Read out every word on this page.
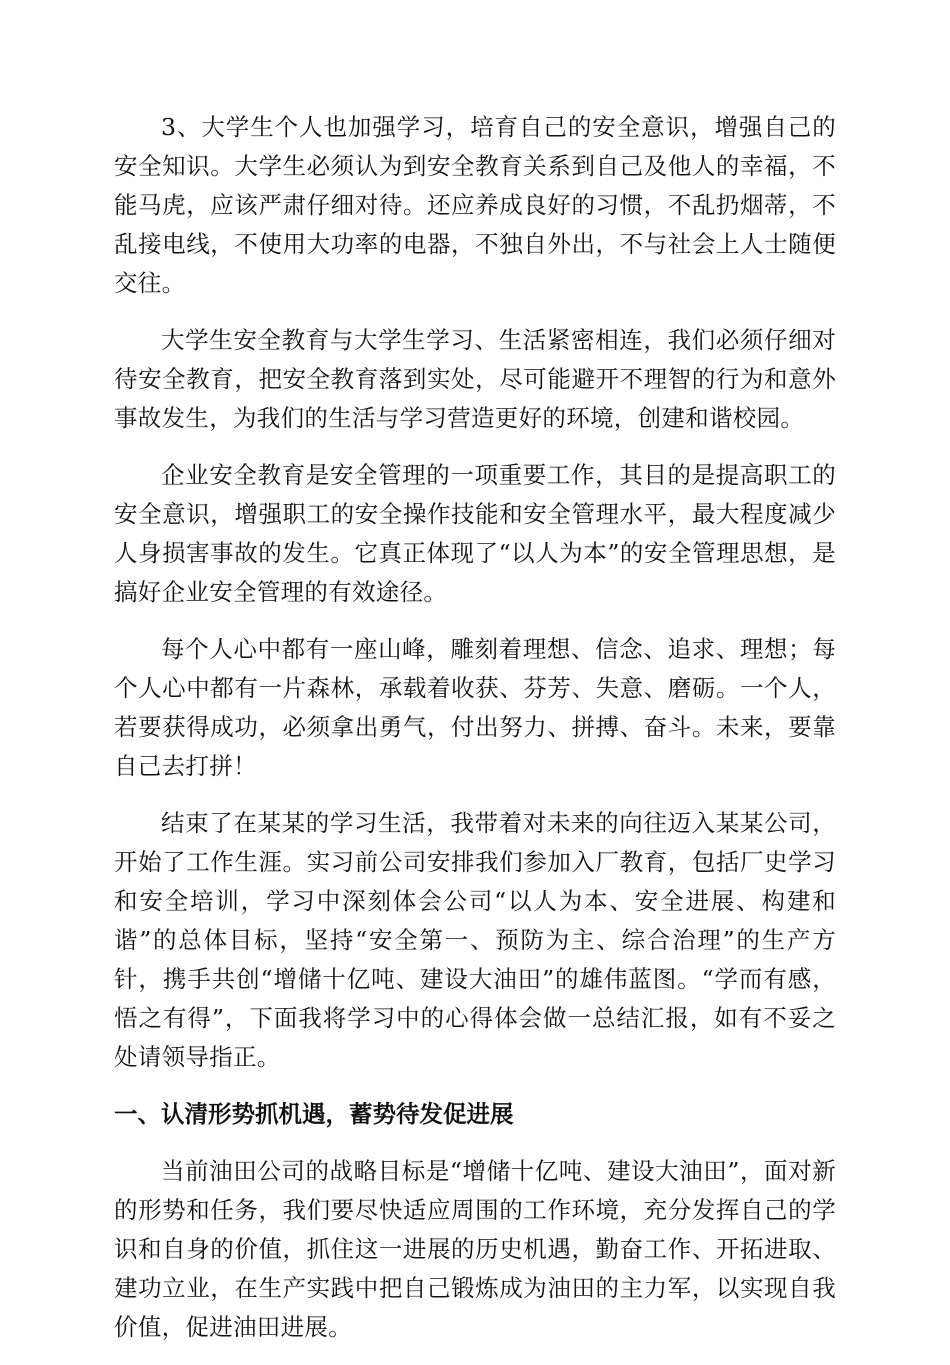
3、大学生个人也加强学习，培育自己的安全意识，增强自己的安全知识。大学生必须认为到安全教育关系到自己及他人的幸福，不能马虎，应该严肃仔细对待。还应养成良好的习惯，不乱扔烟蒂，不乱接电线，不使用大功率的电器，不独自外出，不与社会上人士随便交往。

大学生安全教育与大学生学习、生活紧密相连，我们必须仔细对待安全教育，把安全教育落到实处，尽可能避开不理智的行为和意外事故发生，为我们的生活与学习营造更好的环境，创建和谐校园。

企业安全教育是安全管理的一项重要工作，其目的是提高职工的安全意识，增强职工的安全操作技能和安全管理水平，最大程度减少人身损害事故的发生。它真正体现了“以人为本”的安全管理思想，是搞好企业安全管理的有效途径。

每个人心中都有一座山峰，雕刻着理想、信念、追求、理想；每个人心中都有一片森林，承载着收获、芬芳、失意、磨砺。一个人，若要获得成功，必须拿出勇气，付出努力、拼搏、奋斗。未来，要靠自己去打拼！

结束了在某某的学习生活，我带着对未来的向往迈入某某公司，开始了工作生涯。实习前公司安排我们参加入厂教育，包括厂史学习和安全培训，学习中深刻体会公司“以人为本、安全进展、构建和谐”的总体目标，坚持“安全第一、预防为主、综合治理”的生产方针，携手共创“增储十亿吨、建设大油田”的雄伟蓝图。“学而有感，悟之有得”，下面我将学习中的心得体会做一总结汇报，如有不妥之处请领导指正。

一、认清形势抓机遇，蓄势待发促进展

当前油田公司的战略目标是“增储十亿吨、建设大油田”，面对新的形势和任务，我们要尽快适应周围的工作环境，充分发挥自己的学识和自身的价值，抓住这一进展的历史机遇，勤奋工作、开拓进取、建功立业，在生产实践中把自己锻炼成为油田的主力军，以实现自我价值，促进油田进展。
